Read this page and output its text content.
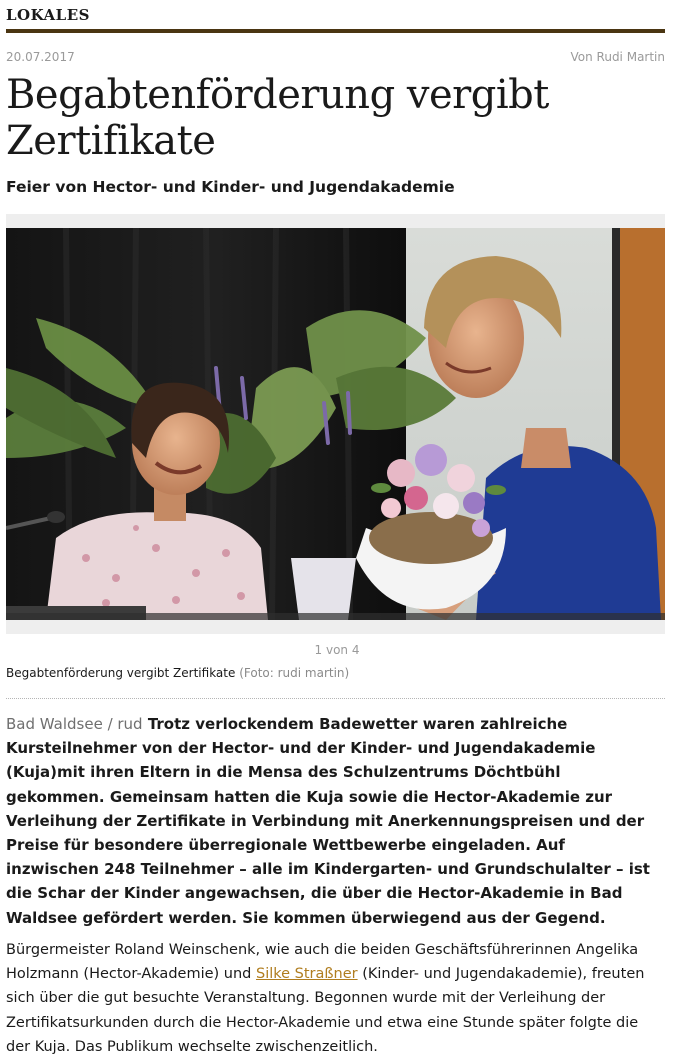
LOKALES
20.07.2017	Von Rudi Martin
Begabtenförderung vergibt Zertifikate
Feier von Hector- und Kinder- und Jugendakademie
1 von 4
Begabtenförderung vergibt Zertifikate (Foto: rudi martin)

Bad Waldsee / rud Trotz verlockendem Badewetter waren zahlreiche Kursteilnehmer von der Hector- und der Kinder- und Jugendakademie (Kuja)mit ihren Eltern in die Mensa des Schulzentrums Döchtbühl gekommen. Gemeinsam hatten die Kuja sowie die Hector-Akademie zur Verleihung der Zertifikate in Verbindung mit Anerkennungspreisen und der Preise für besondere überregionale Wettbewerbe eingeladen. Auf inzwischen 248 Teilnehmer – alle im Kindergarten- und Grundschulalter – ist die Schar der Kinder angewachsen, die über die Hector-Akademie in Bad Waldsee gefördert werden. Sie kommen überwiegend aus der Gegend.

Bürgermeister Roland Weinschenk, wie auch die beiden Geschäftsführerinnen Angelika Holzmann (Hector-Akademie) und Silke Straßner (Kinder- und Jugendakademie), freuten sich über die gut besuchte Veranstaltung. Begonnen wurde mit der Verleihung der Zertifikatsurkunden durch die Hector-Akademie und etwa eine Stunde später folgte die der Kuja. Das Publikum wechselte zwischenzeitlich.
